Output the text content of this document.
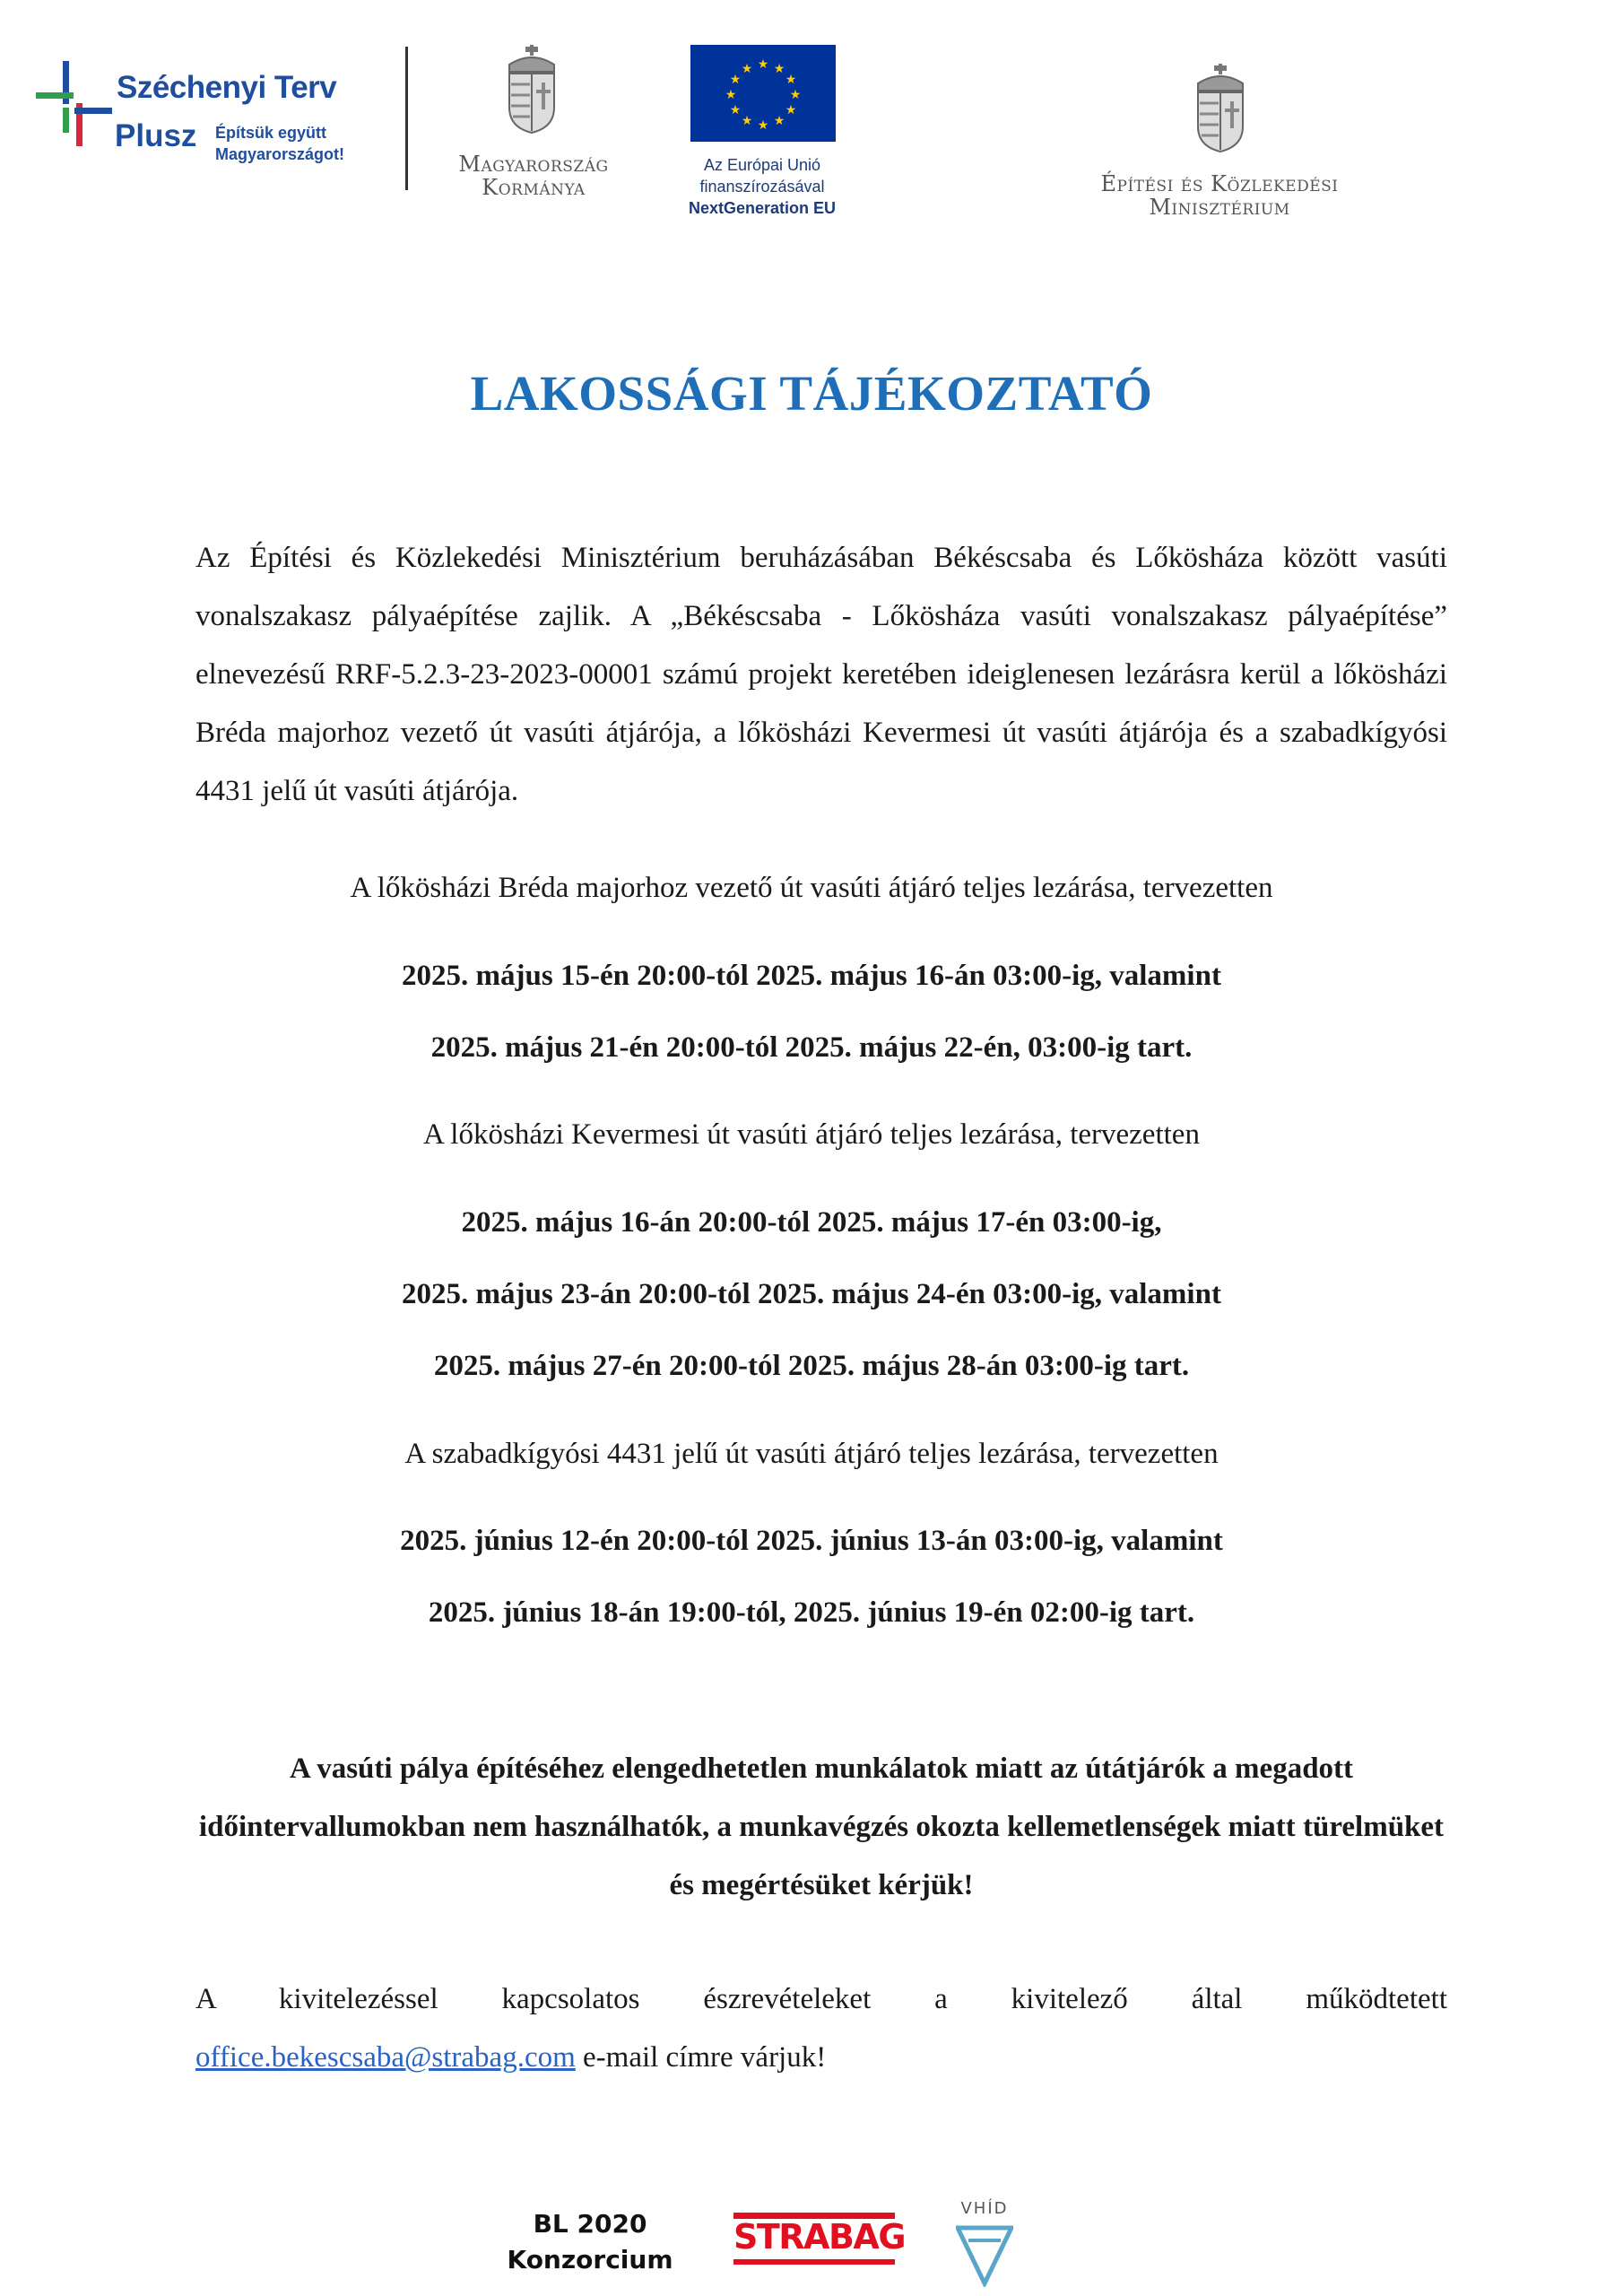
Széchenyi Terv
Plusz Építsük együtt
Magyarországot!	Magyarország
Kormánya
★ ★
★
★
★
★
★
★
★
★
★
★
Az Európai Unió
finanszírozásával
NextGeneration EU
Építési és Közlekedési
Minisztérium
LAKOSSÁGI TÁJÉKOZTATÓ
Az Építési és Közlekedési Minisztérium beruházásában Békéscsaba és Lőkösháza között vasúti vonalszakasz pályaépítése zajlik. A „Békéscsaba - Lőkösháza vasúti vonalszakasz pályaépítése” elnevezésű RRF-5.2.3-23-2023-00001 számú projekt keretében ideiglenesen lezárásra kerül a lőkösházi Bréda majorhoz vezető út vasúti átjárója, a lőkösházi Kevermesi út vasúti átjárója és a szabadkígyósi 4431 jelű út vasúti átjárója.
A lőkösházi Bréda majorhoz vezető út vasúti átjáró teljes lezárása, tervezetten
2025. május 15-én 20:00-tól 2025. május 16-án 03:00-ig, valamint
2025. május 21-én 20:00-tól 2025. május 22-én, 03:00-ig tart.
A lőkösházi Kevermesi út vasúti átjáró teljes lezárása, tervezetten
2025. május 16-án 20:00-tól 2025. május 17-én 03:00-ig,
2025. május 23-án 20:00-tól 2025. május 24-én 03:00-ig, valamint
2025. május 27-én 20:00-tól 2025. május 28-án 03:00-ig tart.
A szabadkígyósi 4431 jelű út vasúti átjáró teljes lezárása, tervezetten
2025. június 12-én 20:00-tól 2025. június 13-án 03:00-ig, valamint
2025. június 18-án 19:00-tól, 2025. június 19-én 02:00-ig tart.
A vasúti pálya építéséhez elengedhetetlen munkálatok miatt az útátjárók a megadott időintervallumokban nem használhatók, a munkavégzés okozta kellemetlenségek miatt türelmüket és megértésüket kérjük!
A kivitelezéssel kapcsolatos észrevételeket a kivitelező által működtetett
office.bekescsaba@strabag.com e-mail címre várjuk!
BL 2020
Konzorcium
STRABAG
VHÍD
